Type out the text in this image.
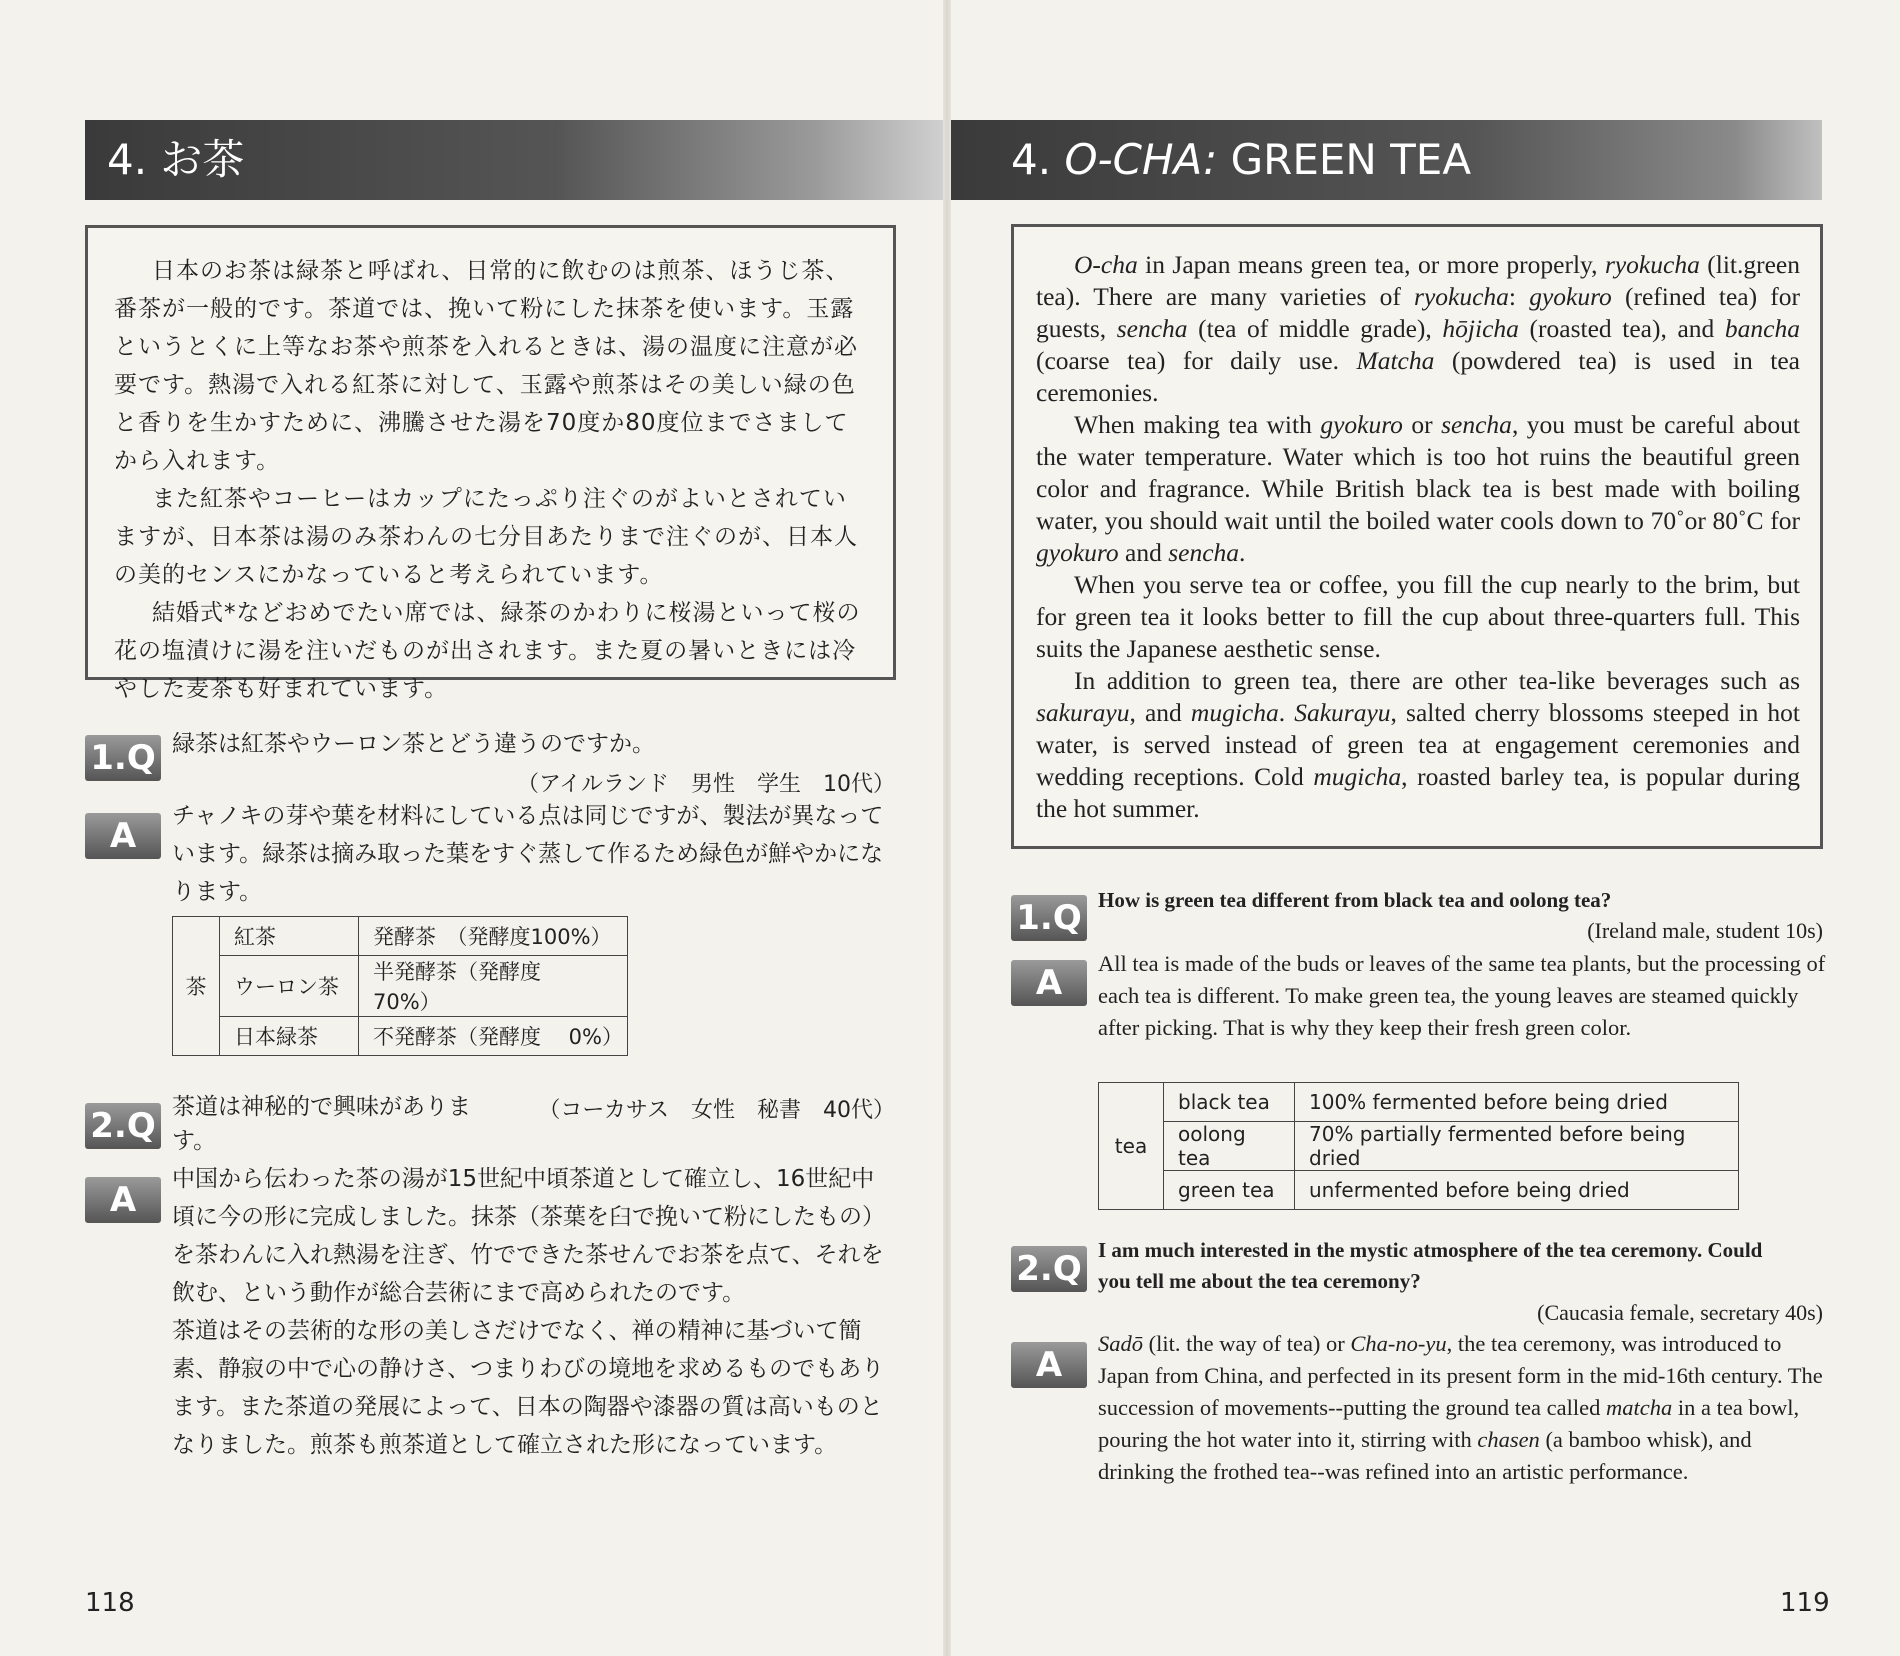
4. お茶

日本のお茶は緑茶と呼ばれ、日常的に飲むのは煎茶、ほうじ茶、番茶が一般的です。茶道では、挽いて粉にした抹茶を使います。玉露というとくに上等なお茶や煎茶を入れるときは、湯の温度に注意が必要です。熱湯で入れる紅茶に対して、玉露や煎茶はその美しい緑の色と香りを生かすために、沸騰させた湯を70度か80度位までさましてから入れます。

また紅茶やコーヒーはカップにたっぷり注ぐのがよいとされていますが、日本茶は湯のみ茶わんの七分目あたりまで注ぐのが、日本人の美的センスにかなっていると考えられています。

結婚式*などおめでたい席では、緑茶のかわりに桜湯といって桜の花の塩漬けに湯を注いだものが出されます。また夏の暑いときには冷やした麦茶も好まれています。

1.Q 緑茶は紅茶やウーロン茶とどう違うのですか。
（アイルランド　男性　学生　10代）
A	チャノキの芽や葉を材料にしている点は同じですが、製法が異なっています。緑茶は摘み取った葉をすぐ蒸して作るため緑色が鮮やかになります。
茶	紅茶	発酵茶　（発酵度100%）
	ウーロン茶	半発酵茶（発酵度　70%）
	日本緑茶	不発酵茶（発酵度　 0%）
2.Q 茶道は神秘的で興味があります。
（コーカサス　女性　秘書　40代）
A
中国から伝わった茶の湯が15世紀中頃茶道として確立し、16世紀中頃に今の形に完成しました。抹茶（茶葉を臼で挽いて粉にしたもの）を茶わんに入れ熱湯を注ぎ、竹でできた茶せんでお茶を点て、それを飲む、という動作が総合芸術にまで高められたのです。
茶道はその芸術的な形の美しさだけでなく、禅の精神に基づいて簡素、静寂の中で心の静けさ、つまりわびの境地を求めるものでもあります。また茶道の発展によって、日本の陶器や漆器の質は高いものとなりました。煎茶も煎茶道として確立された形になっています。
118
4. O-CHA: GREEN TEA

O-cha in Japan means green tea, or more properly, ryokucha (lit.green tea). There are many varieties of ryokucha: gyokuro (refined tea) for guests, sencha (tea of middle grade), hōjicha (roasted tea), and bancha (coarse tea) for daily use. Matcha (powdered tea) is used in tea ceremonies.

When making tea with gyokuro or sencha, you must be careful about the water temperature. Water which is too hot ruins the beautiful green color and fragrance. While British black tea is best made with boiling water, you should wait until the boiled water cools down to 70˚or 80˚C for gyokuro and sencha.

When you serve tea or coffee, you fill the cup nearly to the brim, but for green tea it looks better to fill the cup about three-quarters full. This suits the Japanese aesthetic sense.

In addition to green tea, there are other tea-like beverages such as sakurayu, and mugicha. Sakurayu, salted cherry blossoms steeped in hot water, is served instead of green tea at engagement ceremonies and wedding receptions. Cold mugicha, roasted barley tea, is popular during the hot summer.

1.Q How is green tea different from black tea and oolong tea?
(Ireland male, student 10s)
A	All tea is made of the buds or leaves of the same tea plants, but the processing of each tea is different. To make green tea, the young leaves are steamed quickly after picking. That is why they keep their fresh green color.
tea	black tea	100% fermented before being dried
	oolong tea	70% partially fermented before being dried
	green tea	unfermented before being dried
2.Q I am much interested in the mystic atmosphere of the tea ceremony. Could you tell me about the tea ceremony?
(Caucasia female, secretary 40s)
A
Sadō (lit. the way of tea) or Cha-no-yu, the tea ceremony, was introduced to Japan from China, and perfected in its present form in the mid-16th century. The succession of movements--putting the ground tea called matcha in a tea bowl, pouring the hot water into it, stirring with chasen (a bamboo whisk), and drinking the frothed tea--was refined into an artistic performance.
119
